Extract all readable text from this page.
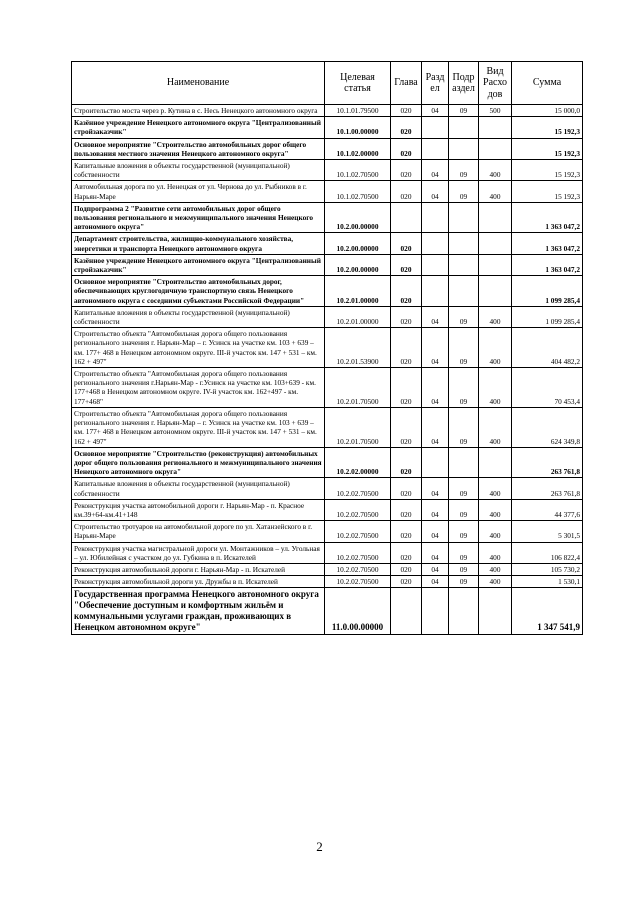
Наименование	Целевая статья	Глава	Разд ел	Подр аздел	Вид Расхо дов	Сумма
Строительство моста через р. Кутина в с. Несь Ненецкого автономного округа	10.1.01.79500	020	04	09	500	15 000,0
Казённое учреждение Ненецкого автономного округа "Централизованный стройзаказчик"	10.1.00.00000	020				15 192,3
Основное мероприятие "Строительство автомобильных дорог общего пользования местного значения Ненецкого автономного округа"	10.1.02.00000	020				15 192,3
Капитальные вложения в объекты государственной (муниципальной) собственности	10.1.02.70500	020	04	09	400	15 192,3
Автомобильная дорога по ул. Ненецкая от ул. Чернова до ул. Рыбников в г. Нарьян-Маре	10.1.02.70500	020	04	09	400	15 192,3
Подпрограмма 2 "Развитие сети автомобильных дорог общего пользования регионального и межмуниципального значения Ненецкого автономного округа"	10.2.00.00000					1 363 047,2
Департамент строительства, жилищно-коммунального хозяйства, энергетики и транспорта Ненецкого автономного округа	10.2.00.00000	020				1 363 047,2
Казённое учреждение Ненецкого автономного округа "Централизованный стройзаказчик"	10.2.00.00000	020				1 363 047,2
Основное мероприятие "Строительство автомобильных дорог, обеспечивающих круглогодичную транспортную связь Ненецкого автономного округа с соседними субъектами Российской Федерации"	10.2.01.00000	020				1 099 285,4
Капитальные вложения в объекты государственной (муниципальной) собственности	10.2.01.00000	020	04	09	400	1 099 285,4
Строительство объекта "Автомобильная дорога общего пользования регионального значения г. Нарьян-Мар – г. Усинск на участке км. 103 + 639 – км. 177+ 468 в Ненецком автономном округе. III-й участок км. 147 + 531 – км. 162 + 497"	10.2.01.53900	020	04	09	400	404 482,2
Строительство объекта "Автомобильная дорога общего пользования регионального значения г.Нарьян-Мар - г.Усинск на участке км. 103+639 - км. 177+468 в Ненецком автономном округе. IV-й участок км. 162+497 - км. 177+468"	10.2.01.70500	020	04	09	400	70 453,4
Строительство объекта "Автомобильная дорога общего пользования регионального значения г. Нарьян-Мар – г. Усинск на участке км. 103 + 639 – км. 177+ 468 в Ненецком автономном округе. III-й участок км. 147 + 531 – км. 162 + 497"	10.2.01.70500	020	04	09	400	624 349,8
Основное мероприятие "Строительство (реконструкция) автомобильных дорог общего пользования регионального и межмуниципального значения Ненецкого автономного округа"	10.2.02.00000	020				263 761,8
Капитальные вложения в объекты государственной (муниципальной) собственности	10.2.02.70500	020	04	09	400	263 761,8
Реконструкция участка автомобильной дороги г. Нарьян-Мар - п. Красное км.39+64-км.41+148	10.2.02.70500	020	04	09	400	44 377,6
Строительство тротуаров на автомобильной дороге по ул. Хатанзейского в г. Нарьян-Маре	10.2.02.70500	020	04	09	400	5 301,5
Реконструкция участка магистральной дороги ул. Монтажников – ул. Угольная – ул. Юбилейная с участком до ул. Губкина в п. Искателей	10.2.02.70500	020	04	09	400	106 822,4
Реконструкция автомобильной дороги г. Нарьян-Мар - п. Искателей	10.2.02.70500	020	04	09	400	105 730,2
Реконструкция автомобильной дороги ул. Дружбы в п. Искателей	10.2.02.70500	020	04	09	400	1 530,1
Государственная программа Ненецкого автономного округа "Обеспечение доступным и комфортным жильём и коммунальными услугами граждан, проживающих в Ненецком автономном округе"	11.0.00.00000					1 347 541,9
2
